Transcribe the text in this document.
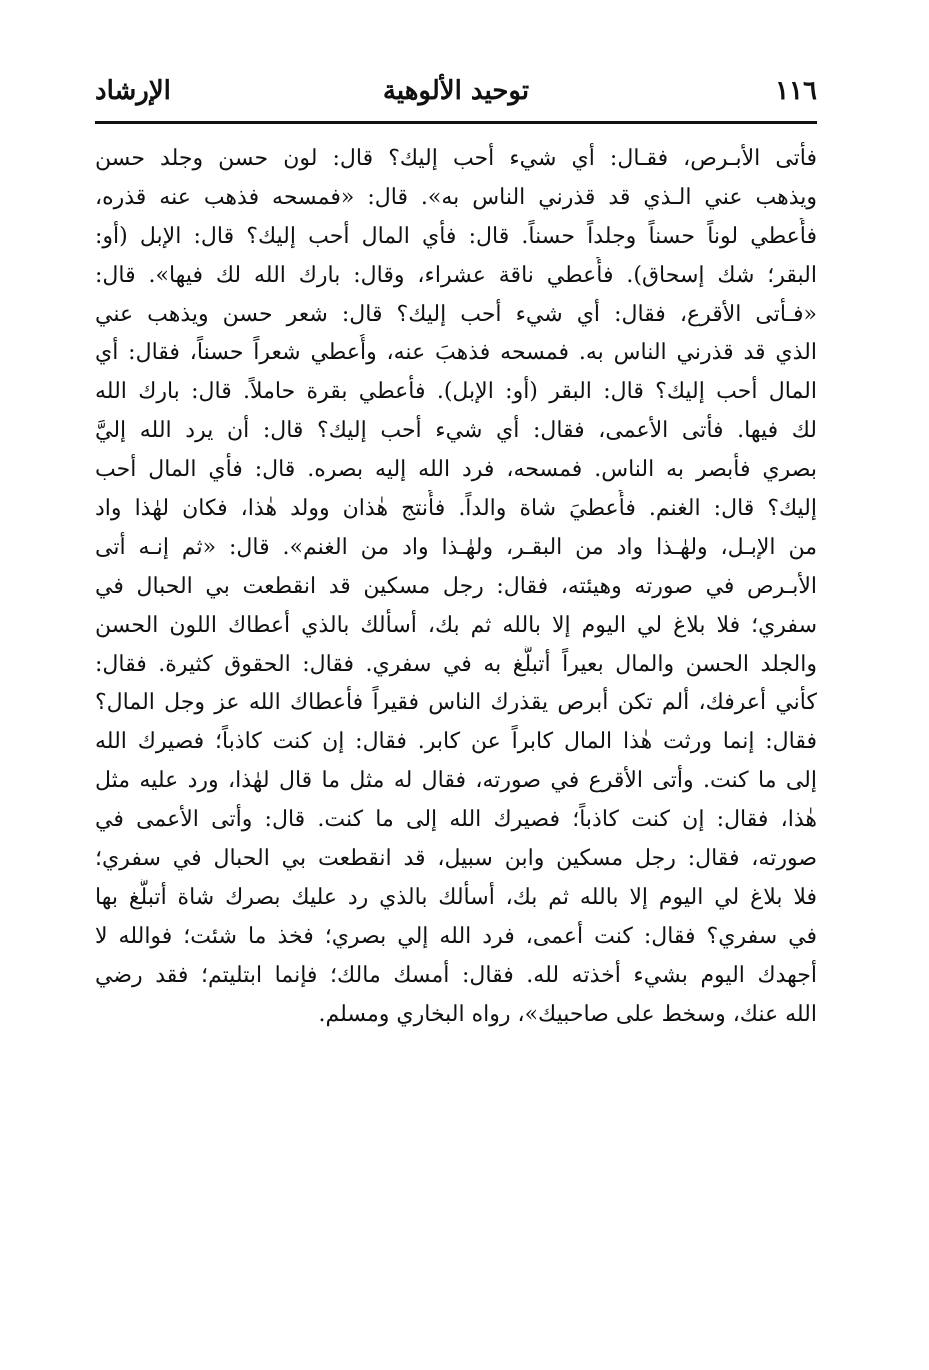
١١٦
توحيد الألوهية
الإرشاد
فأتى الأبـرص، فقـال: أي شيء أحب إليك؟ قال: لون حسن وجلد حسن
ويذهب عني الـذي قد قذرني الناس به». قال: «فمسحه فذهب عنه قذره،
فأُعطي لوناً حسناً وجلداً حسناً. قال: فأي المال أحب إليك؟ قال: الإبل (أو:
البقر؛ شك إسحاق). فأُعطي ناقة عشراء، وقال: بارك الله لك فيها». قال:
«فـأتى الأقرع، فقال: أي شيء أحب إليك؟ قال: شعر حسن ويذهب عني
الذي قد قذرني الناس به. فمسحه فذهبَ عنه، وأُعطي شعراً حسناً، فقال: أي
المال أحب إليك؟ قال: البقر (أو: الإبل). فأعطي بقرة حاملاً. قال: بارك الله
لك فيها. فأتى الأعمى، فقال: أي شيء أحب إليك؟ قال: أن يرد الله إليَّ
بصري فأبصر به الناس. فمسحه، فرد الله إليه بصره. قال: فأي المال أحب
إليك؟ قال: الغنم. فأُعطيَ شاة والداً. فأُنتج هٰذان وولد هٰذا، فكان لهٰذا واد
من الإبـل، ولهٰـذا واد من البقـر، ولهٰـذا واد من الغنم». قال: «ثم إنـه أتى
الأبـرص في صورته وهيئته، فقال: رجل مسكين قد انقطعت بي الحبال في
سفري؛ فلا بلاغ لي اليوم إلا بالله ثم بك، أسألك بالذي أعطاك اللون الحسن
والجلد الحسن والمال بعيراً أتبلَّغ به في سفري. فقال: الحقوق كثيرة. فقال:
كأني أعرفك، ألم تكن أبرص يقذرك الناس فقيراً فأعطاك الله عز وجل المال؟
فقال: إنما ورثت هٰذا المال كابراً عن كابر. فقال: إن كنت كاذباً؛ فصيرك الله
إلى ما كنت. وأتى الأقرع في صورته، فقال له مثل ما قال لهٰذا، ورد عليه مثل
هٰذا، فقال: إن كنت كاذباً؛ فصيرك الله إلى ما كنت. قال: وأتى الأعمى في
صورته، فقال: رجل مسكين وابن سبيل، قد انقطعت بي الحبال في سفري؛
فلا بلاغ لي اليوم إلا بالله ثم بك، أسألك بالذي رد عليك بصرك شاة أتبلَّغ بها
في سفري؟ فقال: كنت أعمى، فرد الله إلي بصري؛ فخذ ما شئت؛ فوالله لا
أجهدك اليوم بشيء أخذته لله. فقال: أمسك مالك؛ فإنما ابتليتم؛ فقد رضي
الله عنك، وسخط على صاحبيك»، رواه البخاري ومسلم.
